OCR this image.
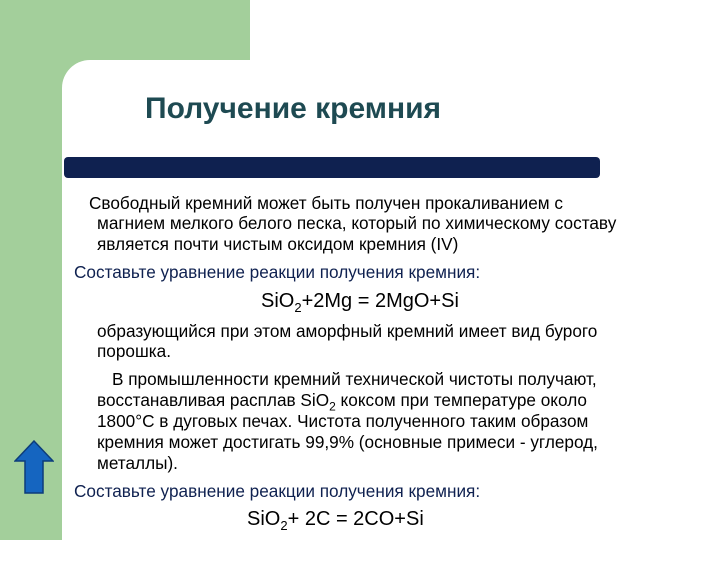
Получение кремния
Свободный кремний может быть получен прокаливанием с
магнием мелкого белого песка, который по химическому составу
является почти чистым оксидом кремния (IV)
Составьте уравнение реакции получения кремния:
SiO$_2$+2Mg = 2MgO+Si
образующийся при этом аморфный кремний имеет вид бурого
порошка.
В промышленности кремний технической чистоты получают,
восстанавливая расплав SiO$_2$ коксом при температуре около
1800°C в дуговых печах. Чистота полученного таким образом
кремния может достигать 99,9% (основные примеси - углерод,
металлы).
Составьте уравнение реакции получения кремния:
SiO$_2$+ 2C = 2CO+Si
